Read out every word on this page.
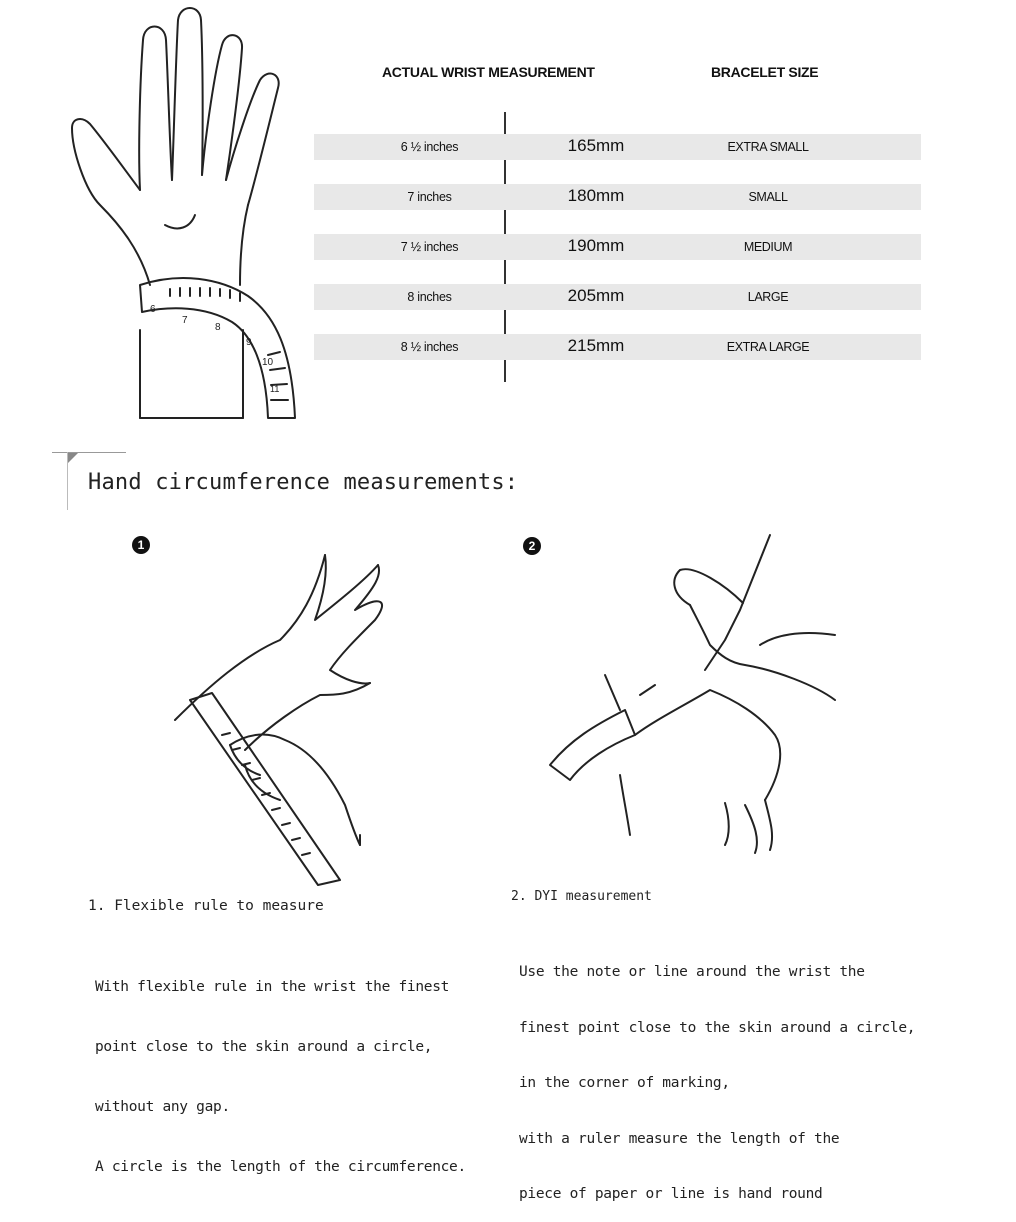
6
7
8
9
10
11
ACTUAL WRIST MEASUREMENT	BRACELET SIZE
6 ½ inches	165mm	EXTRA SMALL
7 inches	180mm	SMALL
7 ½ inches	190mm	MEDIUM
8 inches	205mm	LARGE
8 ½ inches	215mm	EXTRA LARGE
Hand circumference measurements:
1	2
1. Flexible rule to measure

With flexible rule in the wrist the finest

point close to the skin around a circle,

without any gap.

A circle is the length of the circumference.

2. DYI measurement

Use the note or line around the wrist the

finest point close to the skin around a circle,

in the corner of marking,

with a ruler measure the length of the

piece of paper or line is hand round
